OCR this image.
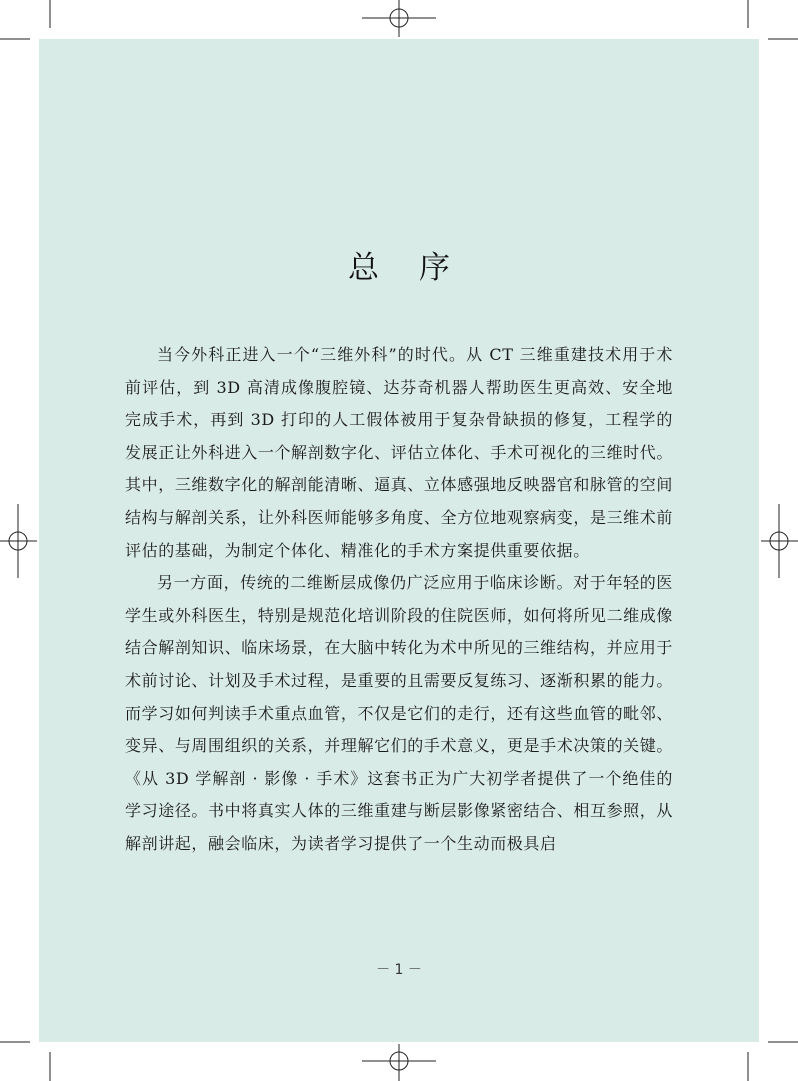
总 序

当今外科正进入一个“三维外科”的时代。从 CT 三维重建技术用于术前评估，到 3D 高清成像腹腔镜、达芬奇机器人帮助医生更高效、安全地完成手术，再到 3D 打印的人工假体被用于复杂骨缺损的修复，工程学的发展正让外科进入一个解剖数字化、评估立体化、手术可视化的三维时代。其中，三维数字化的解剖能清晰、逼真、立体感强地反映器官和脉管的空间结构与解剖关系，让外科医师能够多角度、全方位地观察病变，是三维术前评估的基础，为制定个体化、精准化的手术方案提供重要依据。

另一方面，传统的二维断层成像仍广泛应用于临床诊断。对于年轻的医学生或外科医生，特别是规范化培训阶段的住院医师，如何将所见二维成像结合解剖知识、临床场景，在大脑中转化为术中所见的三维结构，并应用于术前讨论、计划及手术过程，是重要的且需要反复练习、逐渐积累的能力。而学习如何判读手术重点血管，不仅是它们的走行，还有这些血管的毗邻、变异、与周围组织的关系，并理解它们的手术意义，更是手术决策的关键。《从 3D 学解剖 · 影像 · 手术》这套书正为广大初学者提供了一个绝佳的学习途径。书中将真实人体的三维重建与断层影像紧密结合、相互参照，从解剖讲起，融会临床，为读者学习提供了一个生动而极具启

－ 1 －
